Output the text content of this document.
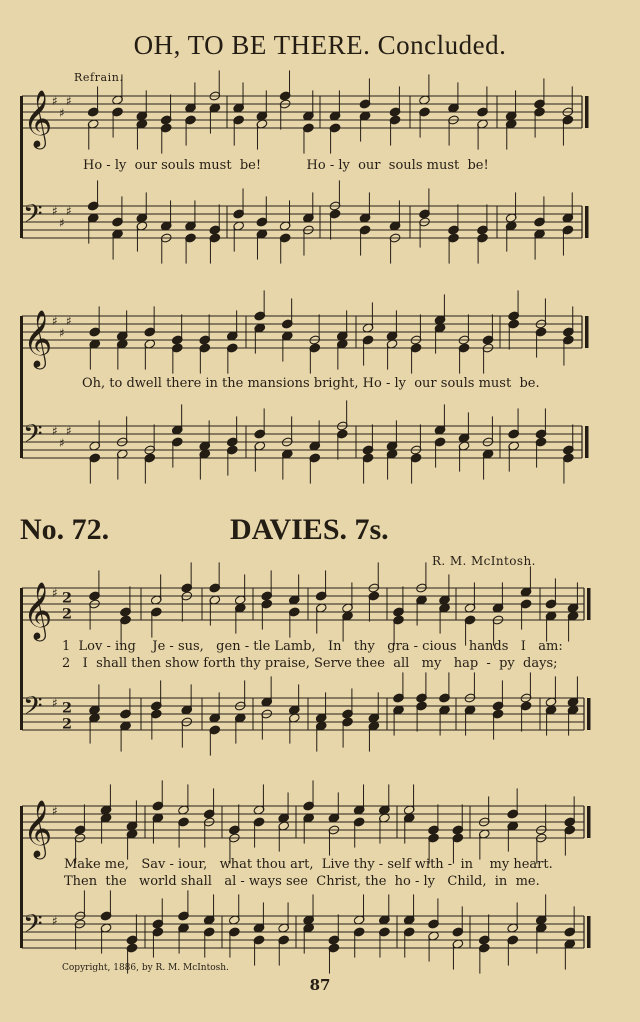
OH, TO BE THERE. Concluded.
Refrain.
Ho - ly  our souls must  be!           Ho - ly  our  souls must  be!
Oh, to dwell there in the mansions bright, Ho - ly  our souls must  be.
No. 72.	DAVIES. 7s.
R. M. McIntosh.
1  Lov - ing    Je - sus,   gen - tle Lamb,   In   thy   gra - cious   hands   I   am:
2   I  shall then show forth thy praise, Serve thee  all   my   hap  -  py  days;
Make me,   Sav - iour,   what thou art,  Live thy - self with -  in    my heart.
Then  the   world shall   al - ways see  Christ, the  ho - ly   Child,  in  me.
Copyright, 1886, by R. M. McIntosh.
87
𝄞 ♯
♯
♯
𝄢 ♯
♯
♯
𝄞 ♯
♯
♯
𝄢 ♯
♯
♯
𝄞 ♯ 2
2
𝄢 ♯ 2
2
𝄞 ♯
𝄢 ♯
